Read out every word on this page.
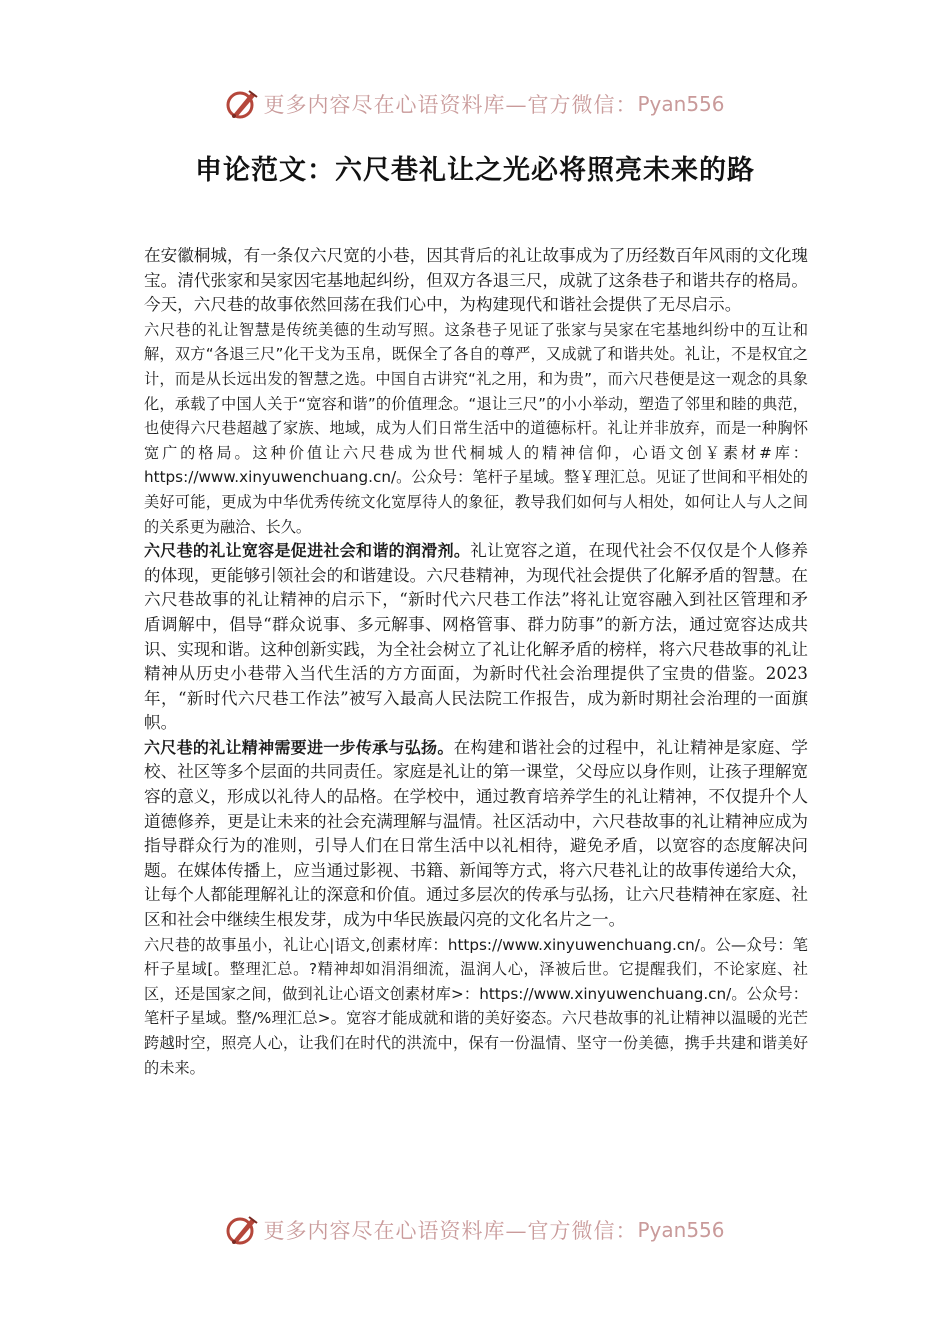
更多内容尽在心语资料库—官方微信： Pyan556
申论范文：六尺巷礼让之光必将照亮未来的路

在安徽桐城，有一条仅六尺宽的小巷，因其背后的礼让故事成为了历经数百年风雨的文化瑰宝。清代张家和吴家因宅基地起纠纷，但双方各退三尺，成就了这条巷子和谐共存的格局。今天，六尺巷的故事依然回荡在我们心中，为构建现代和谐社会提供了无尽启示。

六尺巷的礼让智慧是传统美德的生动写照。这条巷子见证了张家与吴家在宅基地纠纷中的互让和解，双方“各退三尺”化干戈为玉帛，既保全了各自的尊严，又成就了和谐共处。礼让，不是权宜之计，而是从长远出发的智慧之选。中国自古讲究“礼之用，和为贵”，而六尺巷便是这一观念的具象化，承载了中国人关于“宽容和谐”的价值理念。“退让三尺”的小小举动，塑造了邻里和睦的典范，也使得六尺巷超越了家族、地域，成为人们日常生活中的道德标杆。礼让并非放弃，而是一种胸怀宽广的格局。这种价值让六尺巷成为世代桐城人的精神信仰，心语文创￥素材#库：https://www.xinyuwenchuang.cn/。公众号：笔杆子星域。整￥理汇总。见证了世间和平相处的美好可能，更成为中华优秀传统文化宽厚待人的象征，教导我们如何与人相处，如何让人与人之间的关系更为融洽、长久。

六尺巷的礼让宽容是促进社会和谐的润滑剂。礼让宽容之道，在现代社会不仅仅是个人修养的体现，更能够引领社会的和谐建设。六尺巷精神，为现代社会提供了化解矛盾的智慧。在六尺巷故事的礼让精神的启示下，“新时代六尺巷工作法”将礼让宽容融入到社区管理和矛盾调解中，倡导“群众说事、多元解事、网格管事、群力防事”的新方法，通过宽容达成共识、实现和谐。这种创新实践，为全社会树立了礼让化解矛盾的榜样，将六尺巷故事的礼让精神从历史小巷带入当代生活的方方面面，为新时代社会治理提供了宝贵的借鉴。2023年，“新时代六尺巷工作法”被写入最高人民法院工作报告，成为新时期社会治理的一面旗帜。

六尺巷的礼让精神需要进一步传承与弘扬。在构建和谐社会的过程中，礼让精神是家庭、学校、社区等多个层面的共同责任。家庭是礼让的第一课堂，父母应以身作则，让孩子理解宽容的意义，形成以礼待人的品格。在学校中，通过教育培养学生的礼让精神，不仅提升个人道德修养，更是让未来的社会充满理解与温情。社区活动中，六尺巷故事的礼让精神应成为指导群众行为的准则，引导人们在日常生活中以礼相待，避免矛盾，以宽容的态度解决问题。在媒体传播上，应当通过影视、书籍、新闻等方式，将六尺巷礼让的故事传递给大众，让每个人都能理解礼让的深意和价值。通过多层次的传承与弘扬，让六尺巷精神在家庭、社区和社会中继续生根发芽，成为中华民族最闪亮的文化名片之一。

六尺巷的故事虽小，礼让心|语文,创素材库：https://www.xinyuwenchuang.cn/。公—众号：笔杆子星域[。整理汇总。?精神却如涓涓细流，温润人心，泽被后世。它提醒我们，不论家庭、社区，还是国家之间，做到礼让心语文创素材库>：https://www.xinyuwenchuang.cn/。公众号：笔杆子星域。整/%理汇总>。宽容才能成就和谐的美好姿态。六尺巷故事的礼让精神以温暖的光芒跨越时空，照亮人心，让我们在时代的洪流中，保有一份温情、坚守一份美德，携手共建和谐美好的未来。

更多内容尽在心语资料库—官方微信： Pyan556
